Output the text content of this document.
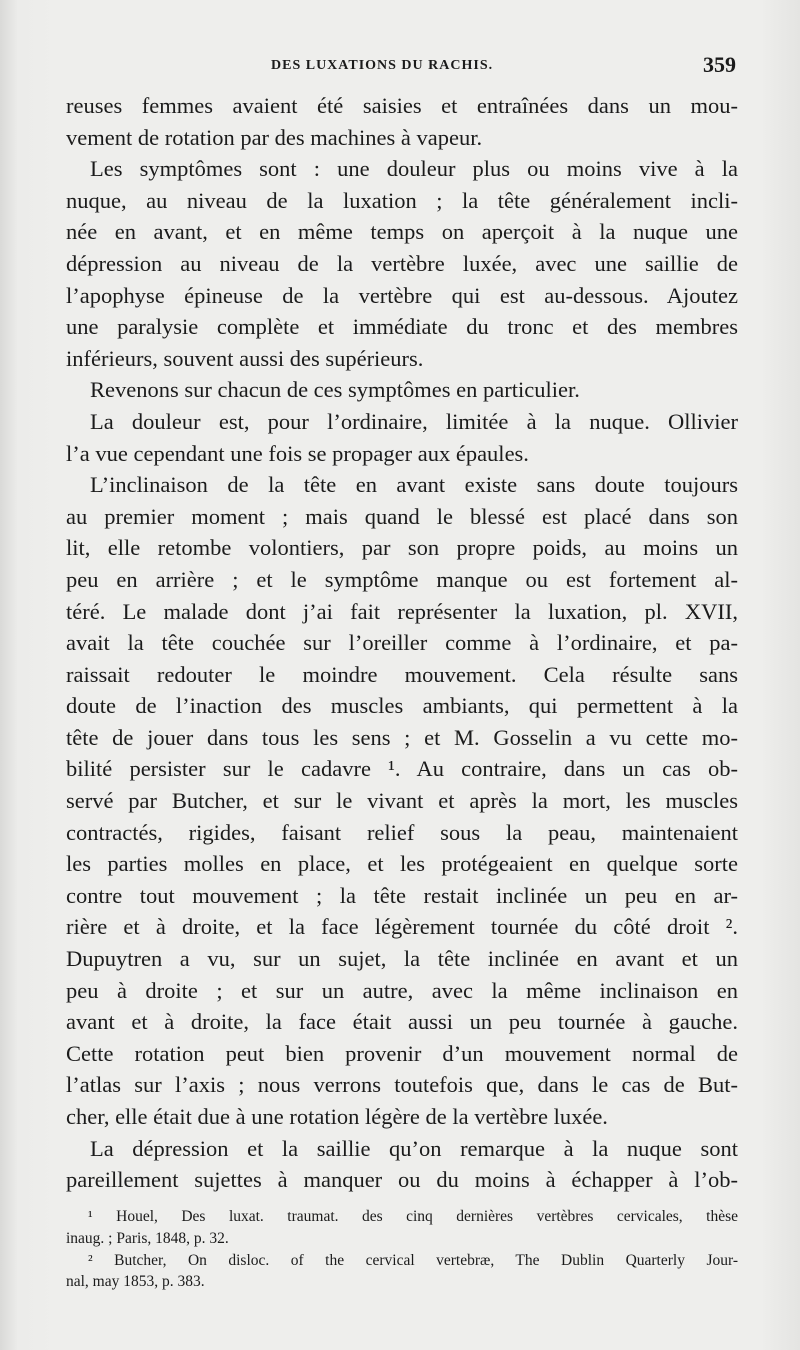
DES LUXATIONS DU RACHIS.	359
reuses femmes avaient été saisies et entraînées dans un mou-
vement de rotation par des machines à vapeur.
Les symptômes sont : une douleur plus ou moins vive à la
nuque, au niveau de la luxation ; la tête généralement incli-
née en avant, et en même temps on aperçoit à la nuque une
dépression au niveau de la vertèbre luxée, avec une saillie de
l’apophyse épineuse de la vertèbre qui est au-dessous. Ajoutez
une paralysie complète et immédiate du tronc et des membres
inférieurs, souvent aussi des supérieurs.
Revenons sur chacun de ces symptômes en particulier.
La douleur est, pour l’ordinaire, limitée à la nuque. Ollivier
l’a vue cependant une fois se propager aux épaules.
L’inclinaison de la tête en avant existe sans doute toujours
au premier moment ; mais quand le blessé est placé dans son
lit, elle retombe volontiers, par son propre poids, au moins un
peu en arrière ; et le symptôme manque ou est fortement al-
téré. Le malade dont j’ai fait représenter la luxation, pl. XVII,
avait la tête couchée sur l’oreiller comme à l’ordinaire, et pa-
raissait redouter le moindre mouvement. Cela résulte sans
doute de l’inaction des muscles ambiants, qui permettent à la
tête de jouer dans tous les sens ; et M. Gosselin a vu cette mo-
bilité persister sur le cadavre ¹. Au contraire, dans un cas ob-
servé par Butcher, et sur le vivant et après la mort, les muscles
contractés, rigides, faisant relief sous la peau, maintenaient
les parties molles en place, et les protégeaient en quelque sorte
contre tout mouvement ; la tête restait inclinée un peu en ar-
rière et à droite, et la face légèrement tournée du côté droit ².
Dupuytren a vu, sur un sujet, la tête inclinée en avant et un
peu à droite ; et sur un autre, avec la même inclinaison en
avant et à droite, la face était aussi un peu tournée à gauche.
Cette rotation peut bien provenir d’un mouvement normal de
l’atlas sur l’axis ; nous verrons toutefois que, dans le cas de But-
cher, elle était due à une rotation légère de la vertèbre luxée.
La dépression et la saillie qu’on remarque à la nuque sont
pareillement sujettes à manquer ou du moins à échapper à l’ob-
¹ Houel, Des luxat. traumat. des cinq dernières vertèbres cervicales, thèse
inaug. ; Paris, 1848, p. 32.
² Butcher, On disloc. of the cervical vertebræ, The Dublin Quarterly Jour-
nal, may 1853, p. 383.
